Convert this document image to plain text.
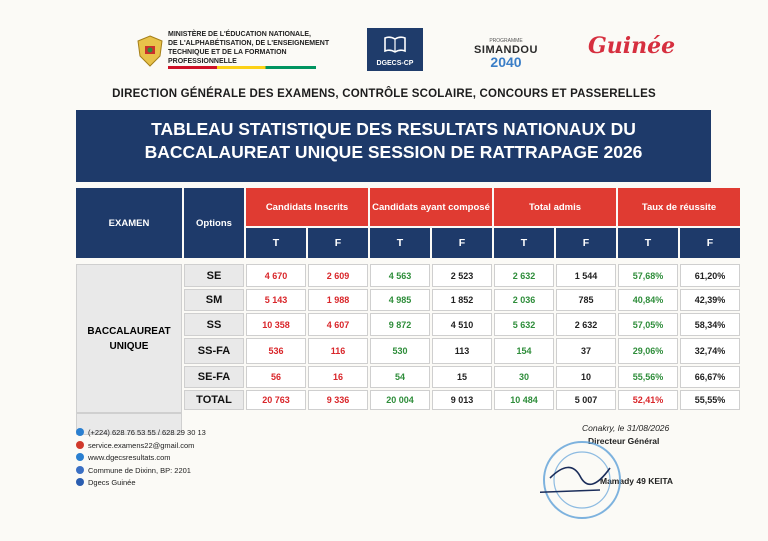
MINISTÈRE DE L'ÉDUCATION NATIONALE,
DE L'ALPHABÉTISATION, DE L'ENSEIGNEMENT
TECHNIQUE ET DE LA FORMATION PROFESSIONNELLE	DGECS-CP
PROGRAMME
SIMANDOU
2040
Guinée
DIRECTION GÉNÉRALE DES EXAMENS, CONTRÔLE SCOLAIRE, CONCOURS ET PASSERELLES
TABLEAU STATISTIQUE DES RESULTATS NATIONAUX DU
BACCALAUREAT UNIQUE SESSION DE RATTRAPAGE 2026
EXAMEN	Options
Candidats Inscrits
T	F
Candidats ayant composé
T	F
Total admis
T	F
Taux de réussite
T	F
BACCALAUREAT
UNIQUE
SE	4 670	2 609	4 563	2 523	2 632	1 544	57,68%	61,20%
SM	5 143	1 988	4 985	1 852	2 036	785	40,84%	42,39%
SS	10 358	4 607	9 872	4 510	5 632	2 632	57,05%	58,34%
SS-FA	536	116	530	113	154	37	29,06%	32,74%
SE-FA	56	16	54	15	30	10	55,56%	66,67%
TOTAL	20 763	9 336	20 004	9 013	10 484	5 007	52,41%	55,55%
(+224) 628 76 53 55 / 628 29 30 13
service.examens22@gmail.com
www.dgecsresultats.com
Commune de Dixinn, BP: 2201
Dgecs Guinée
Conakry, le 31/08/2026
Directeur Général
Mamady 49 KEITA
